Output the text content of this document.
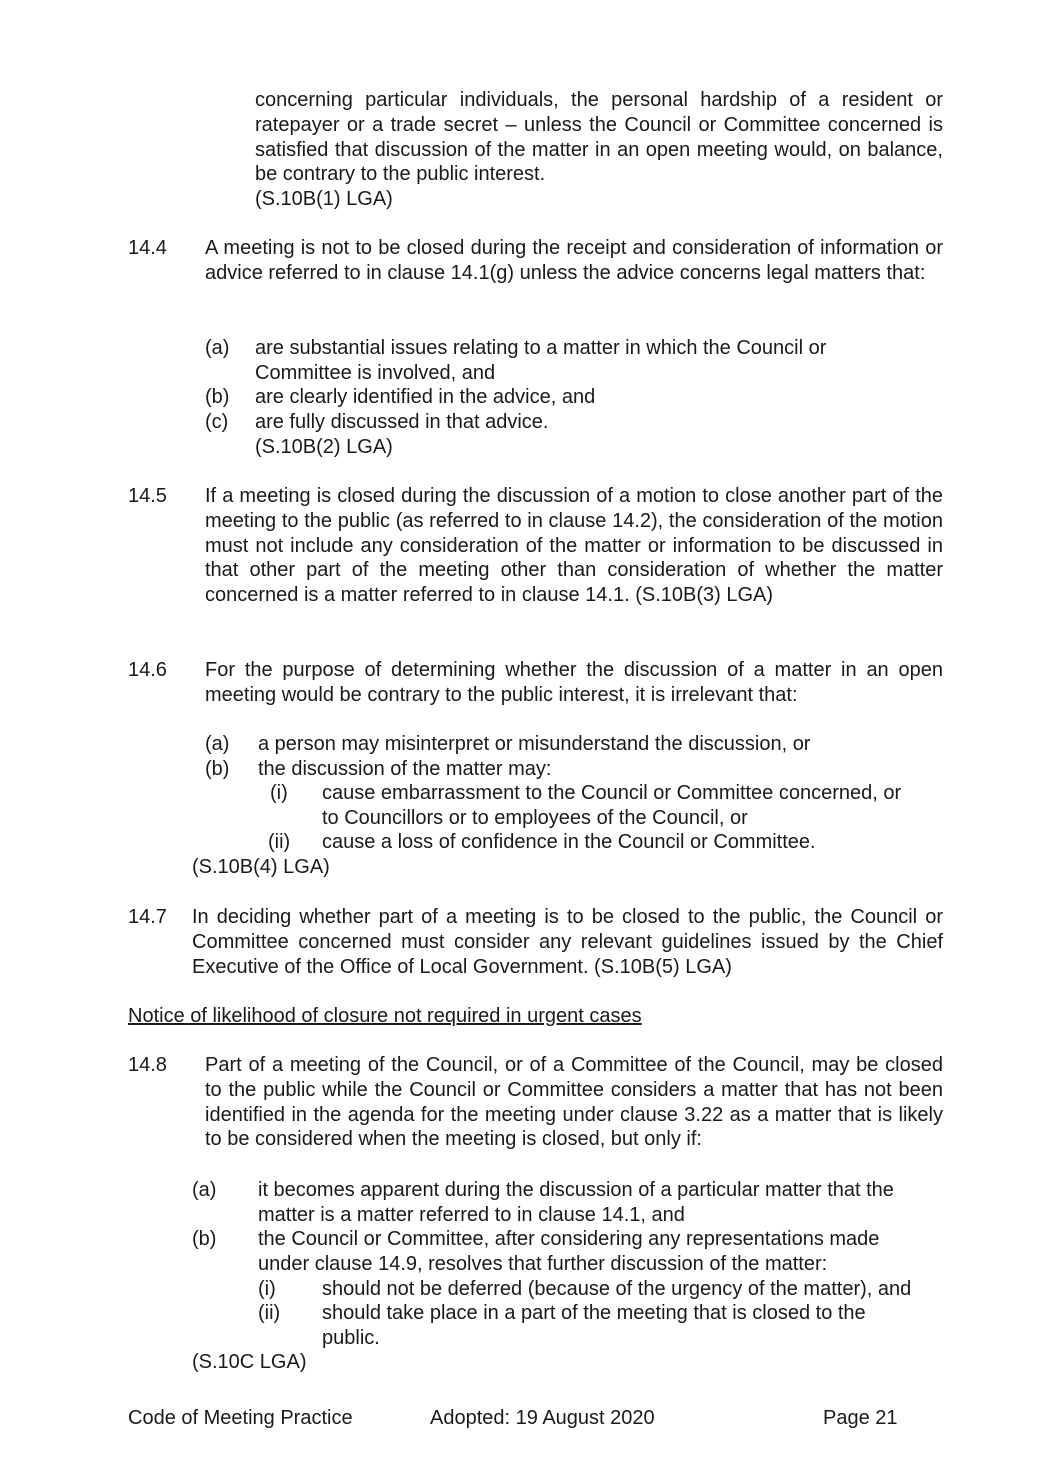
concerning particular individuals, the personal hardship of a resident or ratepayer or a trade secret – unless the Council or Committee concerned is satisfied that discussion of the matter in an open meeting would, on balance, be contrary to the public interest.

(S.10B(1) LGA)
14.4 A meeting is not to be closed during the receipt and consideration of information or advice referred to in clause 14.1(g) unless the advice concerns legal matters that:

(a) are substantial issues relating to a matter in which the Council or
Committee is involved, and
(b) are clearly identified in the advice, and
(c) are fully discussed in that advice.
(S.10B(2) LGA)
14.5 If a meeting is closed during the discussion of a motion to close another part of the meeting to the public (as referred to in clause 14.2), the consideration of the motion must not include any consideration of the matter or information to be discussed in that other part of the meeting other than consideration of whether the matter concerned is a matter referred to in clause 14.1. (S.10B(3) LGA)

14.6 For the purpose of determining whether the discussion of a matter in an open meeting would be contrary to the public interest, it is irrelevant that:

(a) a person may misinterpret or misunderstand the discussion, or
(b) the discussion of the matter may:
(i) cause embarrassment to the Council or Committee concerned, or
to Councillors or to employees of the Council, or
(ii) cause a loss of confidence in the Council or Committee.
(S.10B(4) LGA)
14.7 In deciding whether part of a meeting is to be closed to the public, the Council or Committee concerned must consider any relevant guidelines issued by the Chief Executive of the Office of Local Government. (S.10B(5) LGA)

Notice of likelihood of closure not required in urgent cases
14.8 Part of a meeting of the Council, or of a Committee of the Council, may be closed to the public while the Council or Committee considers a matter that has not been identified in the agenda for the meeting under clause 3.22 as a matter that is likely to be considered when the meeting is closed, but only if:

(a) it becomes apparent during the discussion of a particular matter that the
matter is a matter referred to in clause 14.1, and
(b) the Council or Committee, after considering any representations made
under clause 14.9, resolves that further discussion of the matter:
(i) should not be deferred (because of the urgency of the matter), and
(ii) should take place in a part of the meeting that is closed to the
public.
(S.10C LGA)
Code of Meeting Practice	Adopted: 19 August 2020	Page 21
